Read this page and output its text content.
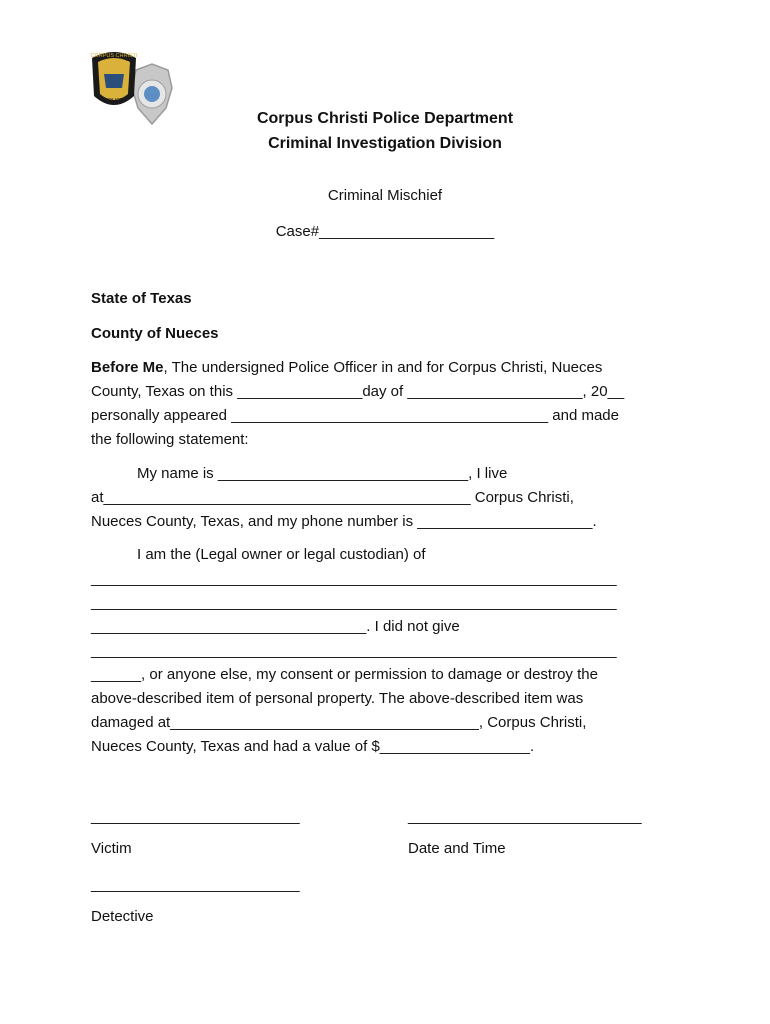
CORPUS CHRISTI
POLICE
Corpus Christi Police Department
Criminal Investigation Division
Criminal Mischief
Case#_____________________
State of Texas
County of Nueces
Before Me, The undersigned Police Officer in and for Corpus Christi, Nueces
County, Texas on this _______________day of _____________________, 20__
personally appeared ______________________________________ and made
the following statement:
My name is ______________________________, I live
at____________________________________________ Corpus Christi,
Nueces County, Texas, and my phone number is _____________________.
I am the (Legal owner or legal custodian) of
_______________________________________________________________
_______________________________________________________________
_________________________________. I did not give
_______________________________________________________________
______, or anyone else, my consent or permission to damage or destroy the
above-described item of personal property. The above-described item was
damaged at_____________________________________, Corpus Christi,
Nueces County, Texas and had a value of $__________________.
_________________________	____________________________
Victim	Date and Time
_________________________
Detective
